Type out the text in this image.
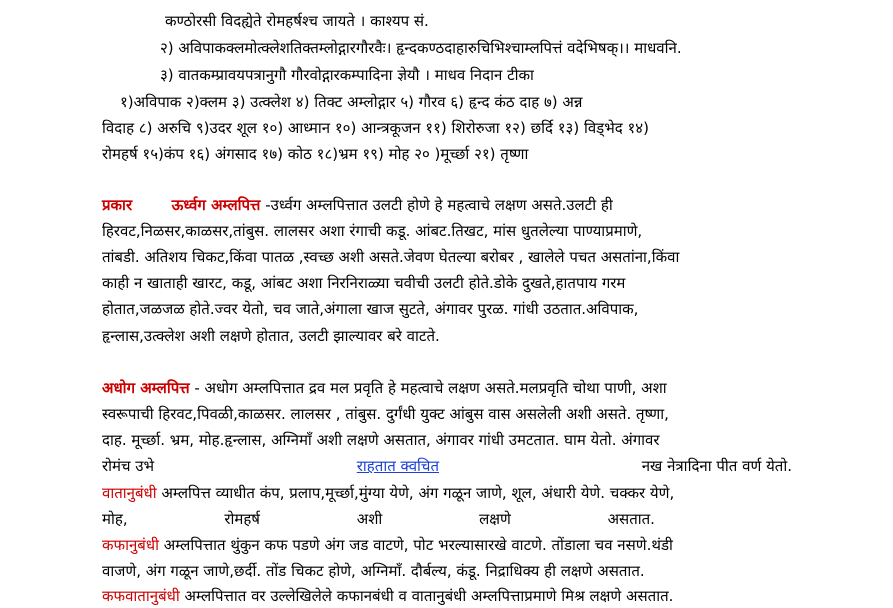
कण्ठोरसी विदह्येते रोमहर्षश्च जायते । काश्यप सं.
२) अविपाकक्लमोत्क्लेशतिक्तम्लोद्गारगौरवैः। हृन्दकण्ठदाहारुचिभिश्चाम्लपित्तं वदेभिषक्।। माधवनि.
३) वातकम्प्रावयपत्रानुगौ गौरवोद्गारकम्पादिना ज्ञेयौ । माधव निदान टीका
१)अविपाक २)क्लम ३) उत्क्लेश ४) तिक्ट अम्लोद्गार ५) गौरव ६) हृन्द कंठ दाह ७) अन्न
विदाह ८) अरुचि ९)उदर शूल १०) आध्मान १०) आन्त्रकूजन ११) शिरोरुजा १२) छर्दि १३) विड्भेद १४)
रोमहर्ष १५)कंप १६) अंगसाद १७) कोठ १८)भ्रम १९) मोह २० )मूर्च्छा २१) तृष्णा
प्रकार	ऊर्ध्वग अम्लपित्त -उर्ध्वग अम्लपित्तात उलटी होणे हे महत्वाचे लक्षण असते.उलटी ही
हिरवट,निळसर,काळसर,तांबुस. लालसर अशा रंगाची कडू. आंबट.तिखट, मांस धुतलेल्या पाण्याप्रमाणे,
तांबडी. अतिशय चिकट,किंवा पातळ ,स्वच्छ अशी असते.जेवण घेतल्या बरोबर , खालेले पचत असतांना,किंवा
काही न खाताही खारट, कडू, आंबट अशा निरनिराळ्या चवीची उलटी होते.डोके दुखते,हातपाय गरम
होतात,जळजळ होते.ज्वर येतो, चव जाते,अंगाला खाज सुटते, अंगावर पुरळ. गांधी उठतात.अविपाक,
हृन्लास,उत्क्लेश अशी लक्षणे होतात, उलटी झाल्यावर बरे वाटते.
अधोग अम्लपित्त - अधोग अम्लपित्तात द्रव मल प्रवृति हे महत्वाचे लक्षण असते.मलप्रवृति चोथा पाणी, अशा
स्वरूपाची हिरवट,पिवळी,काळसर. लालसर , तांबुस. दुर्गंधी युक्ट आंबुस वास असलेली अशी असते. तृष्णा,
दाह. मूर्च्छा. भ्रम, मोह.हृन्लास, अग्निमाँ अशी लक्षणे असतात, अंगावर गांधी उमटतात. घाम येतो. अंगावर
रोमंच उभे	राहतात क्वचित	नख नेत्रादिना पीत वर्ण येतो.
वातानुबंधी अम्लपित्त व्याधीत कंप, प्रलाप,मूर्च्छा,मुंग्या येणे, अंग गळून जाणे, शूल, अंधारी येणे. चक्कर येणे,
मोह, रोमहर्ष अशी लक्षणे असतात.
कफानुबंधी अम्लपित्तात थुंकुन कफ पडणे अंग जड वाटणे, पोट भरल्यासारखे वाटणे. तोंडाला चव नसणे.थंडी
वाजणे, अंग गळून जाणे,छर्दी. तोंड चिकट होणे, अग्निमाँ. दौर्बल्य, कंडू. निद्राधिक्य ही लक्षणे असतात.
कफवातानुबंधी अम्लपित्तात वर उल्लेखिलेले कफानबंधी व वातानुबंधी अम्लपित्ताप्रमाणे मिश्र लक्षणे असतात.
